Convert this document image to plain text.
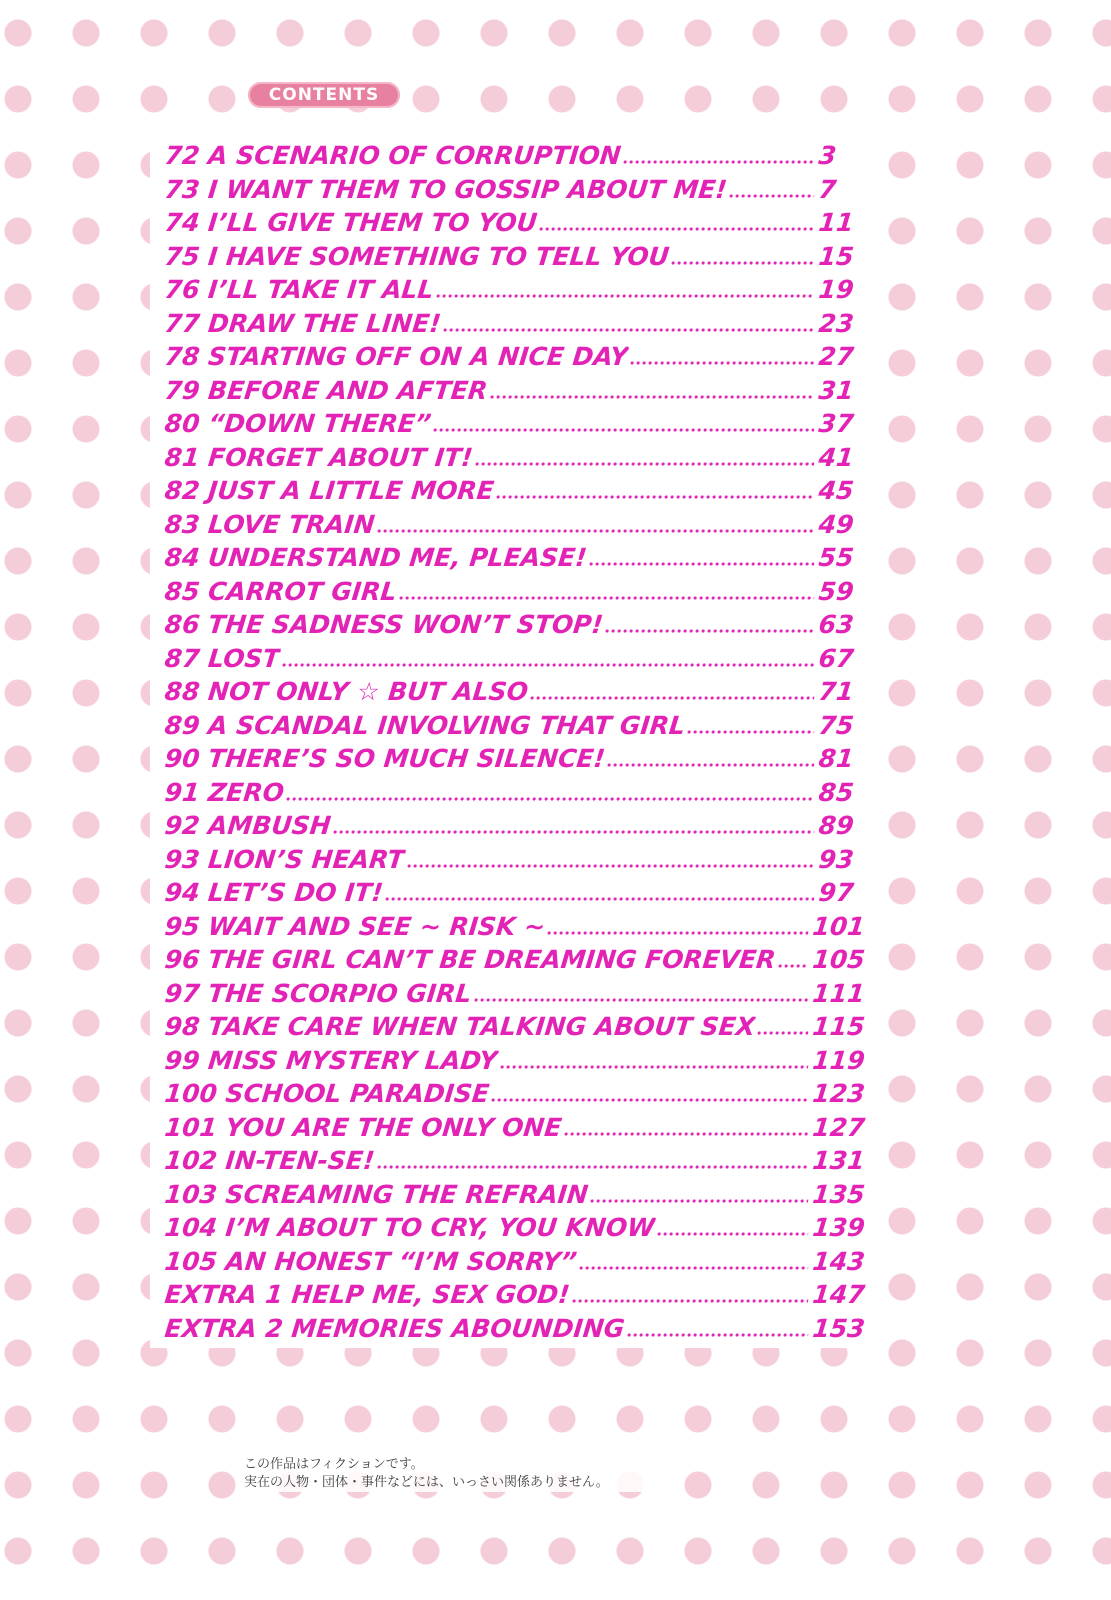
CONTENTS
72 A SCENARIO OF CORRUPTION	3
73 I WANT THEM TO GOSSIP ABOUT ME!	7
74 I’LL GIVE THEM TO YOU	11
75 I HAVE SOMETHING TO TELL YOU	15
76 I’LL TAKE IT ALL	19
77 DRAW THE LINE!	23
78 STARTING OFF ON A NICE DAY	27
79 BEFORE AND AFTER	31
80 “DOWN THERE”	37
81 FORGET ABOUT IT!	41
82 JUST A LITTLE MORE	45
83 LOVE TRAIN	49
84 UNDERSTAND ME, PLEASE!	55
85 CARROT GIRL	59
86 THE SADNESS WON’T STOP!	63
87 LOST	67
88 NOT ONLY ☆ BUT ALSO	71
89 A SCANDAL INVOLVING THAT GIRL	75
90 THERE’S SO MUCH SILENCE!	81
91 ZERO	85
92 AMBUSH	89
93 LION’S HEART	93
94 LET’S DO IT!	97
95 WAIT AND SEE ~ RISK ~	101
96 THE GIRL CAN’T BE DREAMING FOREVER 105
97 THE SCORPIO GIRL	111
98 TAKE CARE WHEN TALKING ABOUT SEX 115
99 MISS MYSTERY LADY	119
100 SCHOOL PARADISE	123
101 YOU ARE THE ONLY ONE	127
102 IN-TEN-SE!	131
103 SCREAMING THE REFRAIN	135
104 I’M ABOUT TO CRY, YOU KNOW	139
105 AN HONEST “I’M SORRY”	143
EXTRA 1 HELP ME, SEX GOD!	147
EXTRA 2 MEMORIES ABOUNDING	153
この作品はフィクションです。
実在の人物・団体・事件などには、いっさい関係ありません。
